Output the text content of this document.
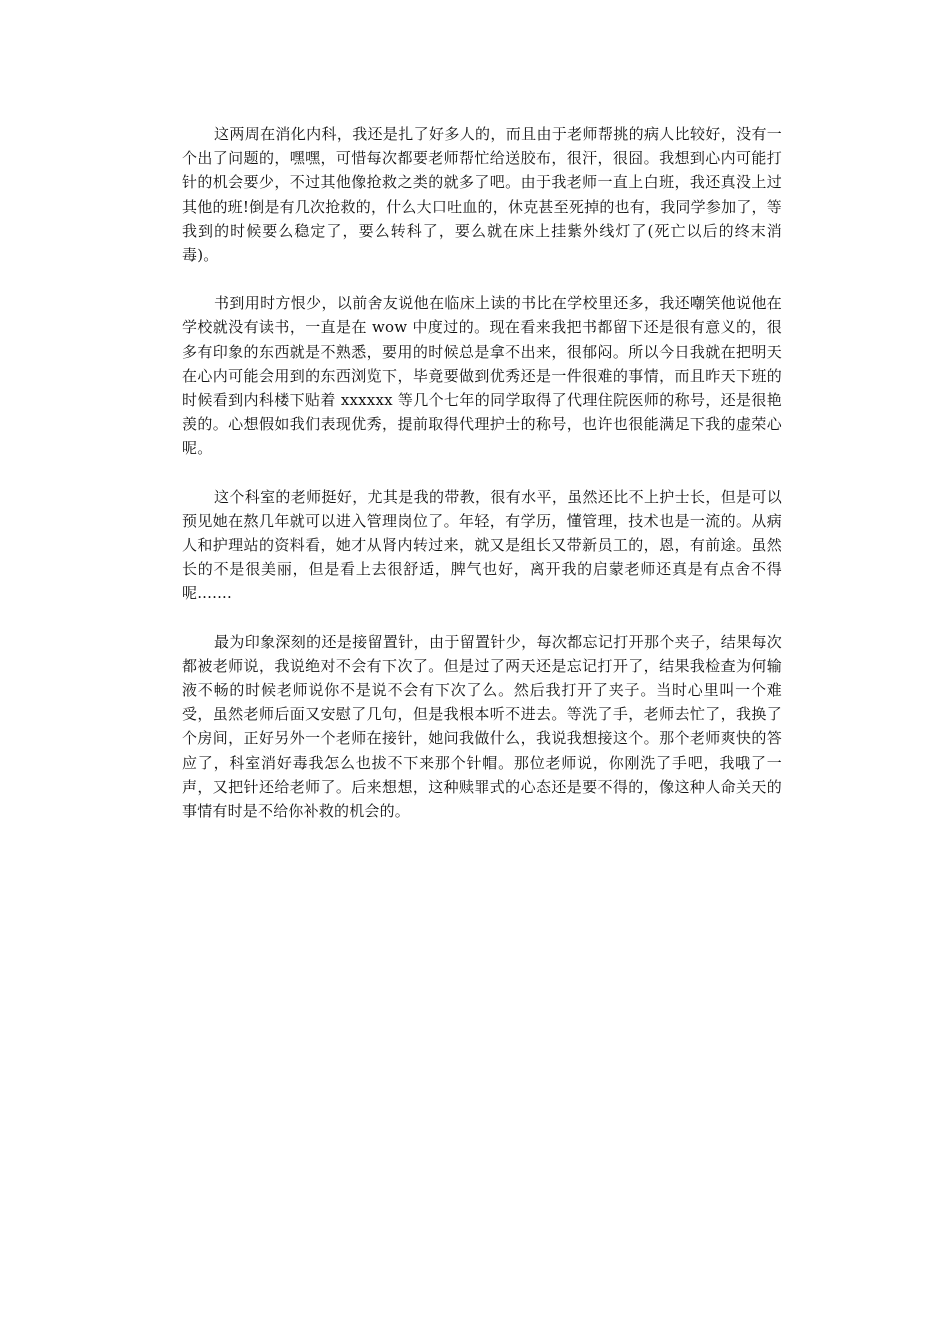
这两周在消化内科，我还是扎了好多人的，而且由于老师帮挑的病人比较好，没有一个出了问题的，嘿嘿，可惜每次都要老师帮忙给送胶布，很汗，很囧。我想到心内可能打针的机会要少，不过其他像抢救之类的就多了吧。由于我老师一直上白班，我还真没上过其他的班!倒是有几次抢救的，什么大口吐血的，休克甚至死掉的也有，我同学参加了，等我到的时候要么稳定了，要么转科了，要么就在床上挂紫外线灯了(死亡以后的终末消毒)。

书到用时方恨少，以前舍友说他在临床上读的书比在学校里还多，我还嘲笑他说他在学校就没有读书，一直是在 wow 中度过的。现在看来我把书都留下还是很有意义的，很多有印象的东西就是不熟悉，要用的时候总是拿不出来，很郁闷。所以今日我就在把明天在心内可能会用到的东西浏览下，毕竟要做到优秀还是一件很难的事情，而且昨天下班的时候看到内科楼下贴着 xxxxxx 等几个七年的同学取得了代理住院医师的称号，还是很艳羡的。心想假如我们表现优秀，提前取得代理护士的称号，也许也很能满足下我的虚荣心呢。

这个科室的老师挺好，尤其是我的带教，很有水平，虽然还比不上护士长，但是可以预见她在熬几年就可以进入管理岗位了。年轻，有学历，懂管理，技术也是一流的。从病人和护理站的资料看，她才从肾内转过来，就又是组长又带新员工的，恩，有前途。虽然长的不是很美丽，但是看上去很舒适，脾气也好，离开我的启蒙老师还真是有点舍不得呢.......

最为印象深刻的还是接留置针，由于留置针少，每次都忘记打开那个夹子，结果每次都被老师说，我说绝对不会有下次了。但是过了两天还是忘记打开了，结果我检查为何输液不畅的时候老师说你不是说不会有下次了么。然后我打开了夹子。当时心里叫一个难受，虽然老师后面又安慰了几句，但是我根本听不进去。等洗了手，老师去忙了，我换了个房间，正好另外一个老师在接针，她问我做什么，我说我想接这个。那个老师爽快的答应了，科室消好毒我怎么也拔不下来那个针帽。那位老师说，你刚洗了手吧，我哦了一声，又把针还给老师了。后来想想，这种赎罪式的心态还是要不得的，像这种人命关天的事情有时是不给你补救的机会的。
